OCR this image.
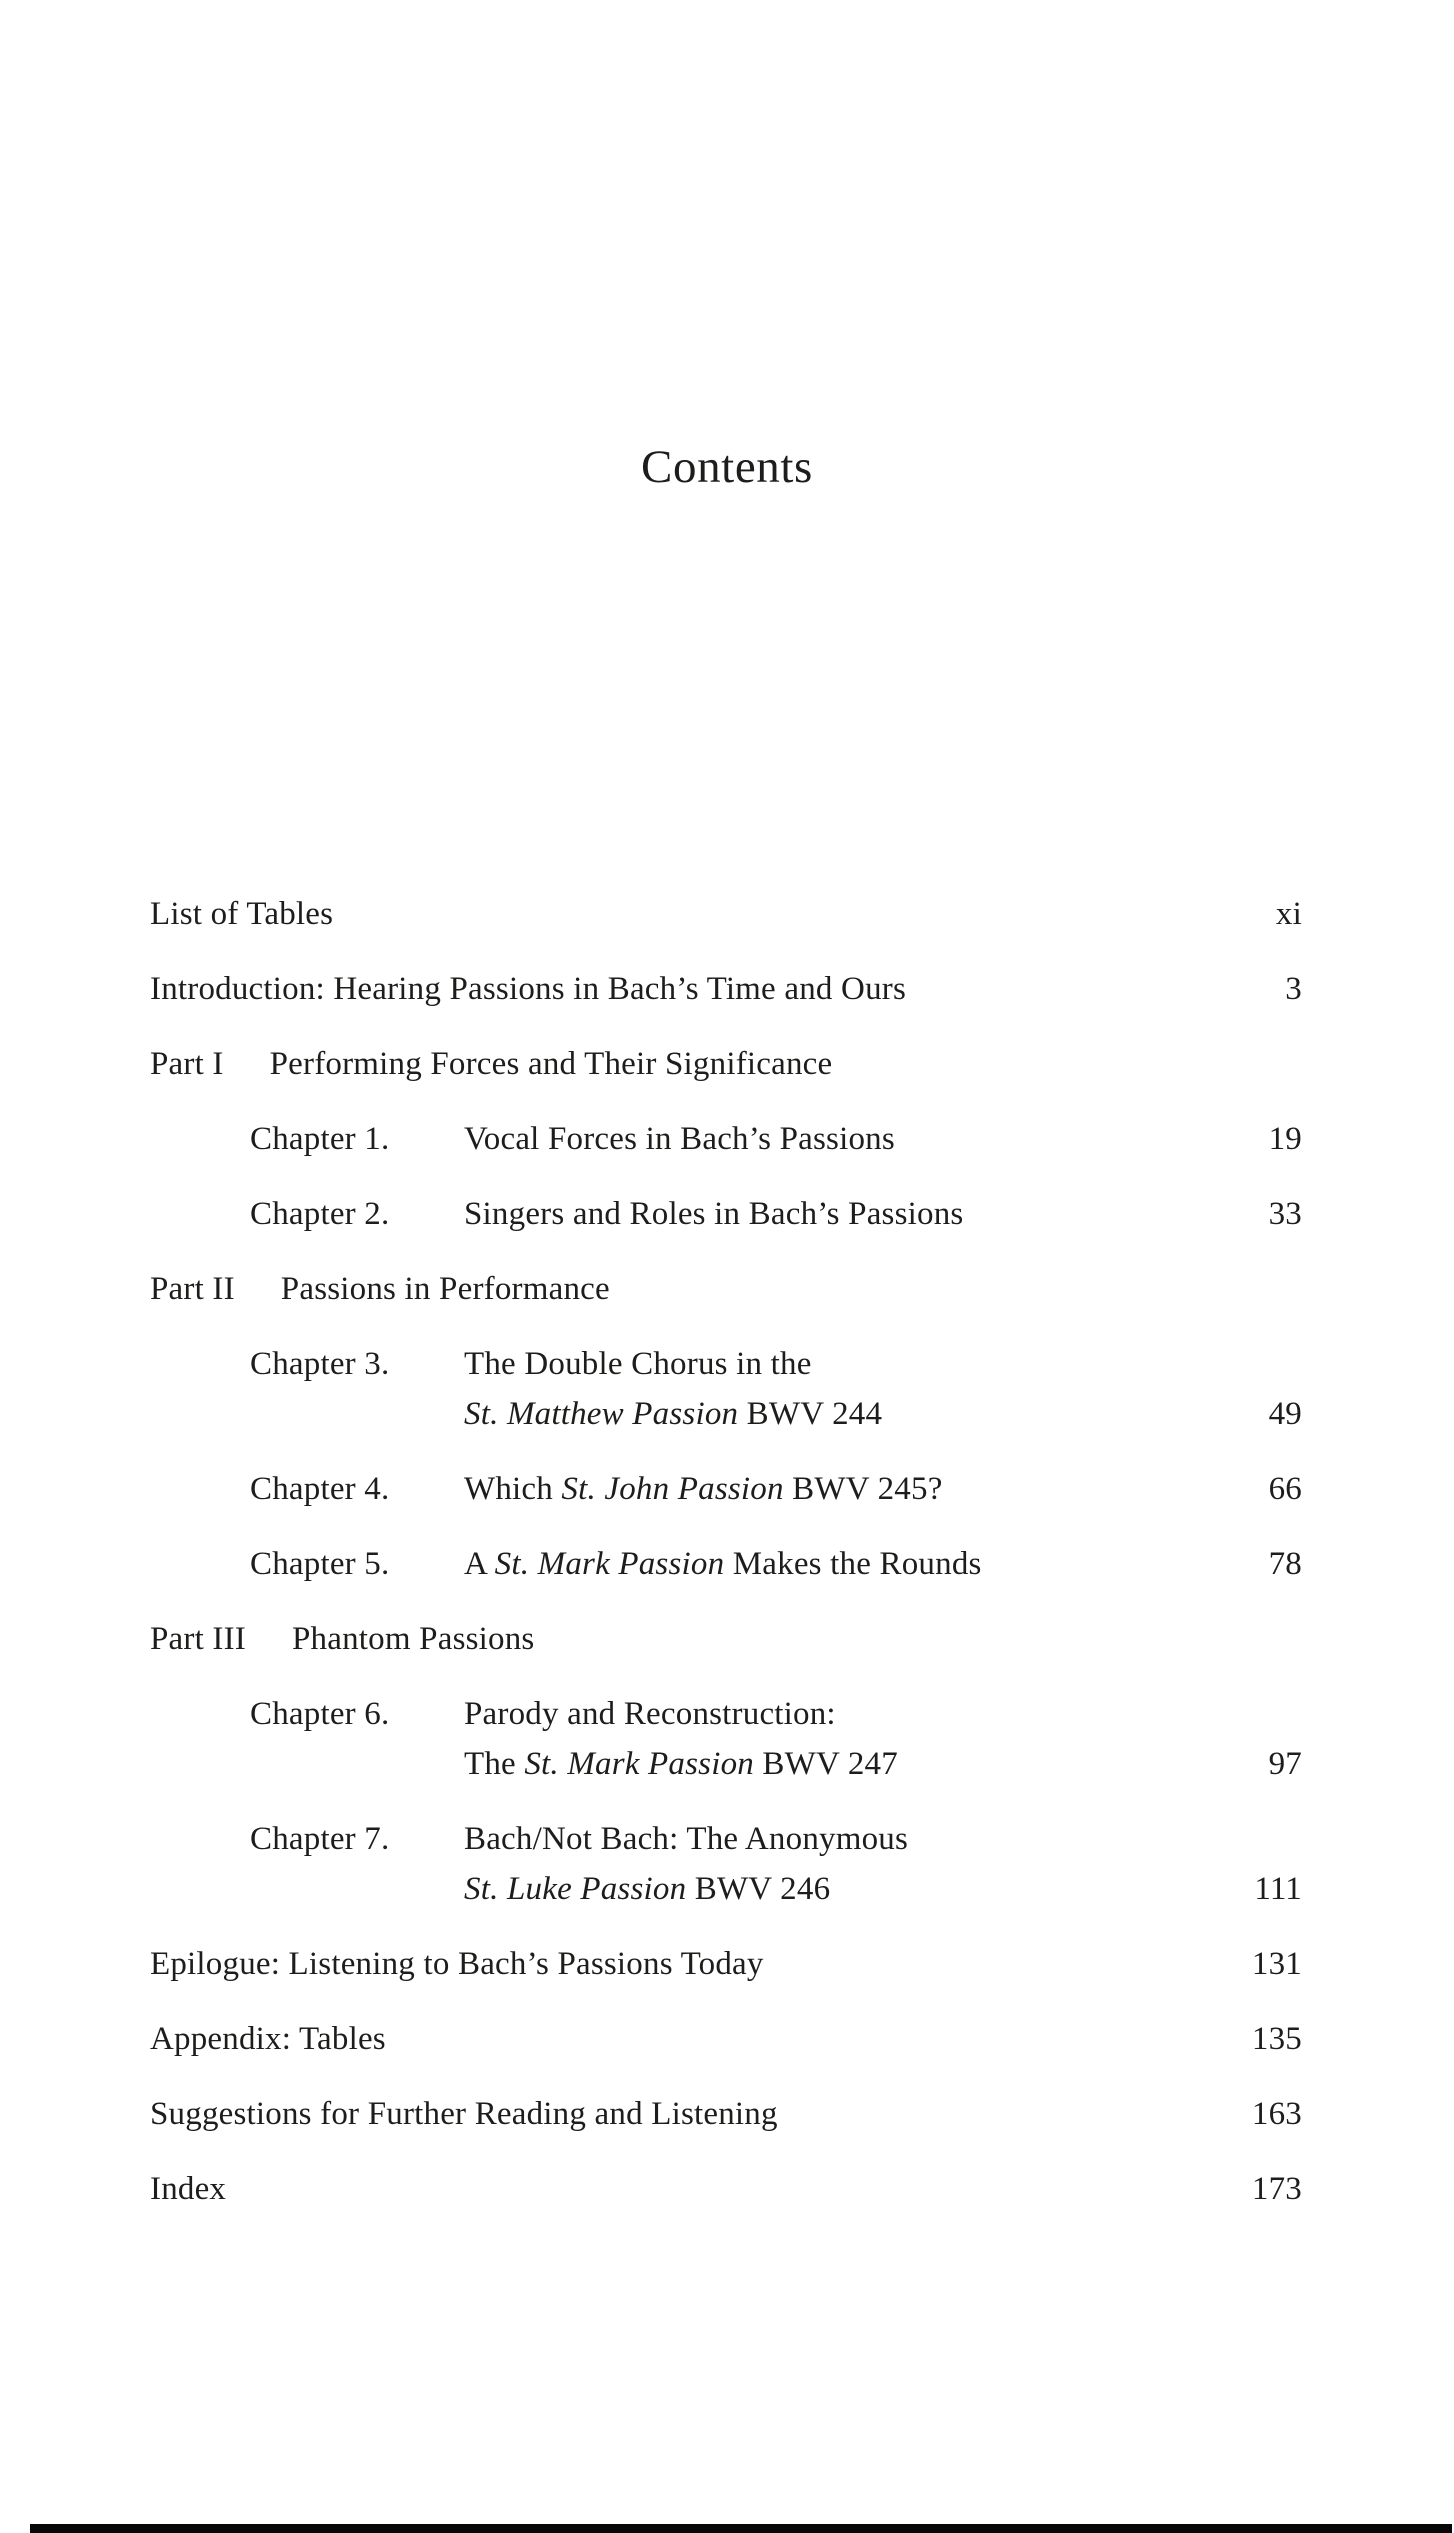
Contents
List of Tables	xi
Introduction: Hearing Passions in Bach’s Time and Ours	3
Part I Performing Forces and Their Significance
Chapter 1.	Vocal Forces in Bach’s Passions	19
Chapter 2.	Singers and Roles in Bach’s Passions	33
Part II Passions in Performance
Chapter 3.	The Double Chorus in the
St. Matthew Passion BWV 244	49
Chapter 4.	Which St. John Passion BWV 245?	66
Chapter 5.	A St. Mark Passion Makes the Rounds	78
Part III Phantom Passions
Chapter 6.	Parody and Reconstruction:
The St. Mark Passion BWV 247	97
Chapter 7.	Bach/Not Bach: The Anonymous
St. Luke Passion BWV 246	111
Epilogue: Listening to Bach’s Passions Today	131
Appendix: Tables	135
Suggestions for Further Reading and Listening	163
Index	173
